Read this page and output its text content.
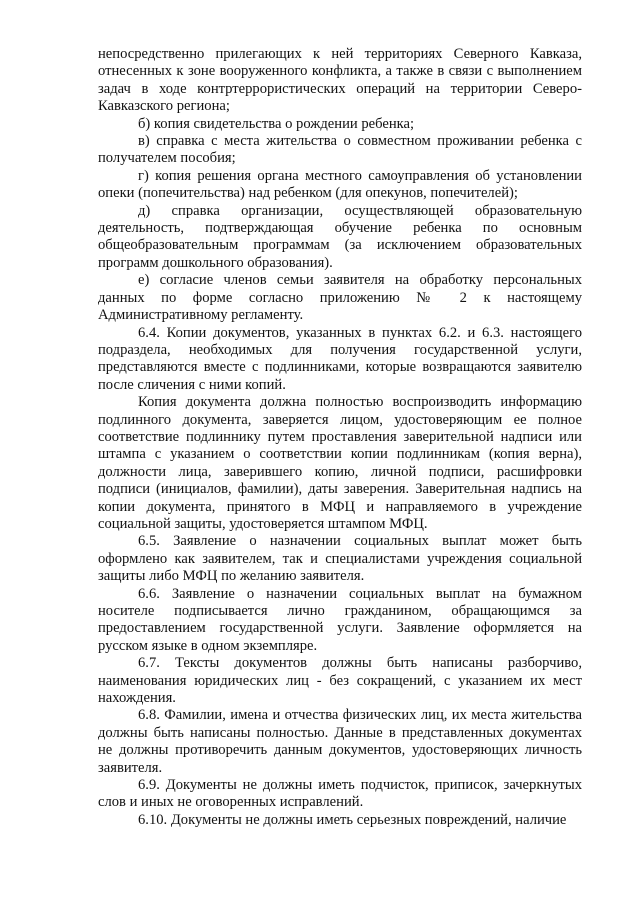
непосредственно прилегающих к ней территориях Северного Кавказа, отнесенных к зоне вооруженного конфликта, а также в связи с выполнением задач в ходе контртеррористических операций на территории Северо-Кавказского региона;

б) копия свидетельства о рождении ребенка;

в) справка с места жительства о совместном проживании ребенка с получателем пособия;

г) копия решения органа местного самоуправления об установлении опеки (попечительства) над ребенком (для опекунов, попечителей);

д) справка организации, осуществляющей образовательную деятельность, подтверждающая обучение ребенка по основным общеобразовательным программам (за исключением образовательных программ дошкольного образования).

е) согласие членов семьи заявителя на обработку персональных данных по форме согласно приложению № 2 к настоящему Административному регламенту.

6.4. Копии документов, указанных в пунктах 6.2. и 6.3. настоящего подраздела, необходимых для получения государственной услуги, представляются вместе с подлинниками, которые возвращаются заявителю после сличения с ними копий.

Копия документа должна полностью воспроизводить информацию подлинного документа, заверяется лицом, удостоверяющим ее полное соответствие подлиннику путем проставления заверительной надписи или штампа с указанием о соответствии копии подлинникам (копия верна), должности лица, заверившего копию, личной подписи, расшифровки подписи (инициалов, фамилии), даты заверения. Заверительная надпись на копии документа, принятого в МФЦ и направляемого в учреждение социальной защиты, удостоверяется штампом МФЦ.

6.5. Заявление о назначении социальных выплат может быть оформлено как заявителем, так и специалистами учреждения социальной защиты либо МФЦ по желанию заявителя.

6.6. Заявление о назначении социальных выплат на бумажном носителе подписывается лично гражданином, обращающимся за предоставлением государственной услуги. Заявление оформляется на русском языке в одном экземпляре.

6.7. Тексты документов должны быть написаны разборчиво, наименования юридических лиц - без сокращений, с указанием их мест нахождения.

6.8. Фамилии, имена и отчества физических лиц, их места жительства должны быть написаны полностью. Данные в представленных документах не должны противоречить данным документов, удостоверяющих личность заявителя.

6.9. Документы не должны иметь подчисток, приписок, зачеркнутых слов и иных не оговоренных исправлений.

6.10. Документы не должны иметь серьезных повреждений, наличие
